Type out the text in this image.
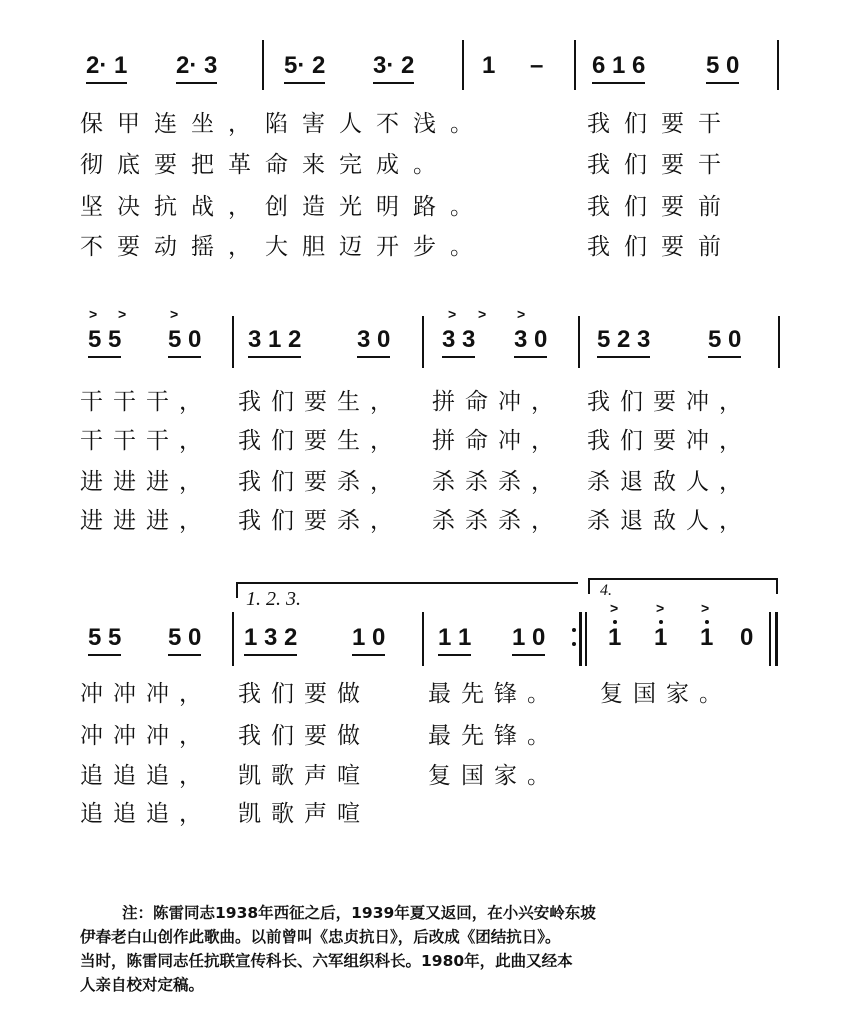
2· 1 2· 3	5· 2 3· 2	1 – 6 1 6	5 0
保甲连坐，陷害人不浅。	我们要干
彻底要把革命来完成。	我们要干
坚决抗战，创造光明路。	我们要前
不要动摇，大胆迈开步。	我们要前
> >	>	> > >
5 5 5 0 3 1 2 3 0 3 3 3 0 5 2 3 5 0
干干干， 我们要生， 拼命冲， 我们要冲，
干干干， 我们要生， 拼命冲， 我们要冲，
进进进， 我们要杀， 杀杀杀， 杀退敌人，
进进进， 我们要杀， 杀杀杀， 杀退敌人，
1. 2. 3.	4.
>	>	>
5 5 5 0 1 3 2 1 0 1 1 1 0	1 1 1 0
冲冲冲， 我们要做	最先锋。 复国家。
冲冲冲， 我们要做	最先锋。
追追追， 凯歌声喧	复国家。
追追追， 凯歌声喧
注：陈雷同志1938年西征之后，1939年夏又返回，在小兴安岭东坡
伊春老白山创作此歌曲。以前曾叫《忠贞抗日》，后改成《团结抗日》。
当时，陈雷同志任抗联宣传科长、六军组织科长。1980年，此曲又经本
人亲自校对定稿。
